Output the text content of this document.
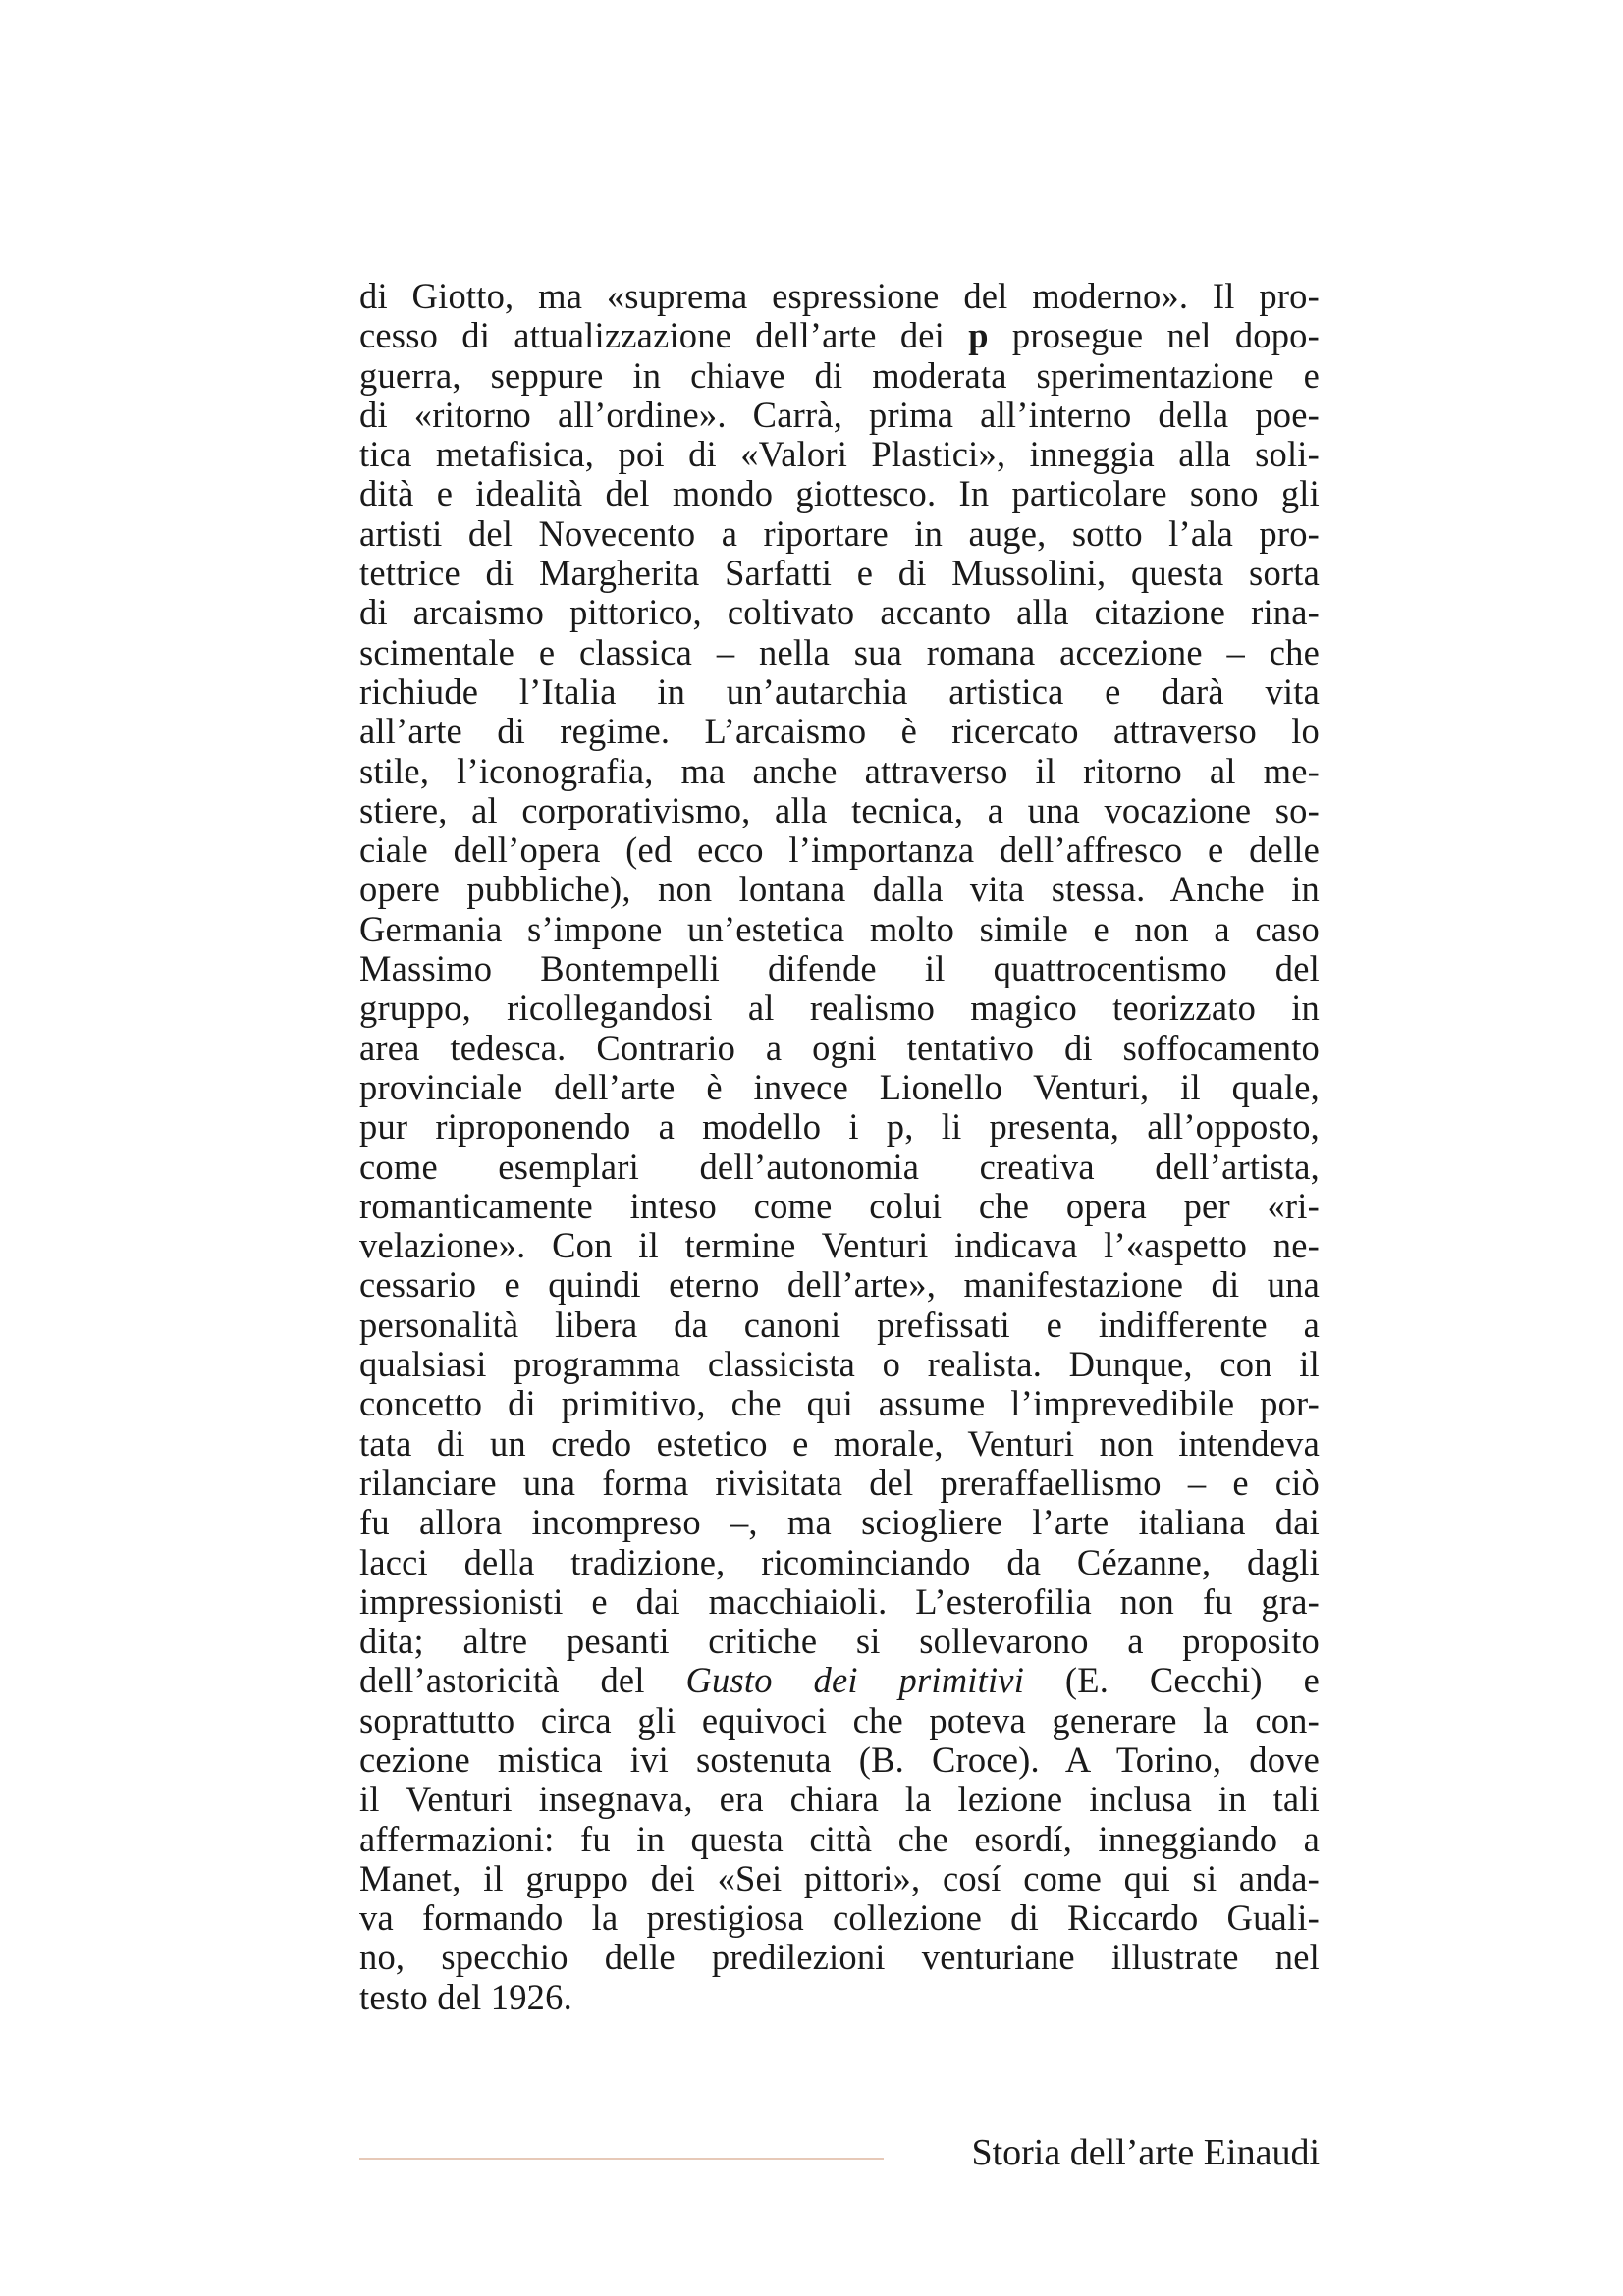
di Giotto, ma «suprema espressione del moderno». Il pro-
cesso di attualizzazione dell’arte dei p prosegue nel dopo-
guerra, seppure in chiave di moderata sperimentazione e
di «ritorno all’ordine». Carrà, prima all’interno della poe-
tica metafisica, poi di «Valori Plastici», inneggia alla soli-
dità e idealità del mondo giottesco. In particolare sono gli
artisti del Novecento a riportare in auge, sotto l’ala pro-
tettrice di Margherita Sarfatti e di Mussolini, questa sorta
di arcaismo pittorico, coltivato accanto alla citazione rina-
scimentale e classica – nella sua romana accezione – che
richiude l’Italia in un’autarchia artistica e darà vita
all’arte di regime. L’arcaismo è ricercato attraverso lo
stile, l’iconografia, ma anche attraverso il ritorno al me-
stiere, al corporativismo, alla tecnica, a una vocazione so-
ciale dell’opera (ed ecco l’importanza dell’affresco e delle
opere pubbliche), non lontana dalla vita stessa. Anche in
Germania s’impone un’estetica molto simile e non a caso
Massimo Bontempelli difende il quattrocentismo del
gruppo, ricollegandosi al realismo magico teorizzato in
area tedesca. Contrario a ogni tentativo di soffocamento
provinciale dell’arte è invece Lionello Venturi, il quale,
pur riproponendo a modello i p, li presenta, all’opposto,
come esemplari dell’autonomia creativa dell’artista,
romanticamente inteso come colui che opera per «ri-
velazione». Con il termine Venturi indicava l’«aspetto ne-
cessario e quindi eterno dell’arte», manifestazione di una
personalità libera da canoni prefissati e indifferente a
qualsiasi programma classicista o realista. Dunque, con il
concetto di primitivo, che qui assume l’imprevedibile por-
tata di un credo estetico e morale, Venturi non intendeva
rilanciare una forma rivisitata del preraffaellismo – e ciò
fu allora incompreso –, ma sciogliere l’arte italiana dai
lacci della tradizione, ricominciando da Cézanne, dagli
impressionisti e dai macchiaioli. L’esterofilia non fu gra-
dita; altre pesanti critiche si sollevarono a proposito
dell’astoricità del Gusto dei primitivi (E. Cecchi) e
soprattutto circa gli equivoci che poteva generare la con-
cezione mistica ivi sostenuta (B. Croce). A Torino, dove
il Venturi insegnava, era chiara la lezione inclusa in tali
affermazioni: fu in questa città che esordí, inneggiando a
Manet, il gruppo dei «Sei pittori», cosí come qui si anda-
va formando la prestigiosa collezione di Riccardo Guali-
no, specchio delle predilezioni venturiane illustrate nel
testo del 1926.
Storia dell’arte Einaudi
